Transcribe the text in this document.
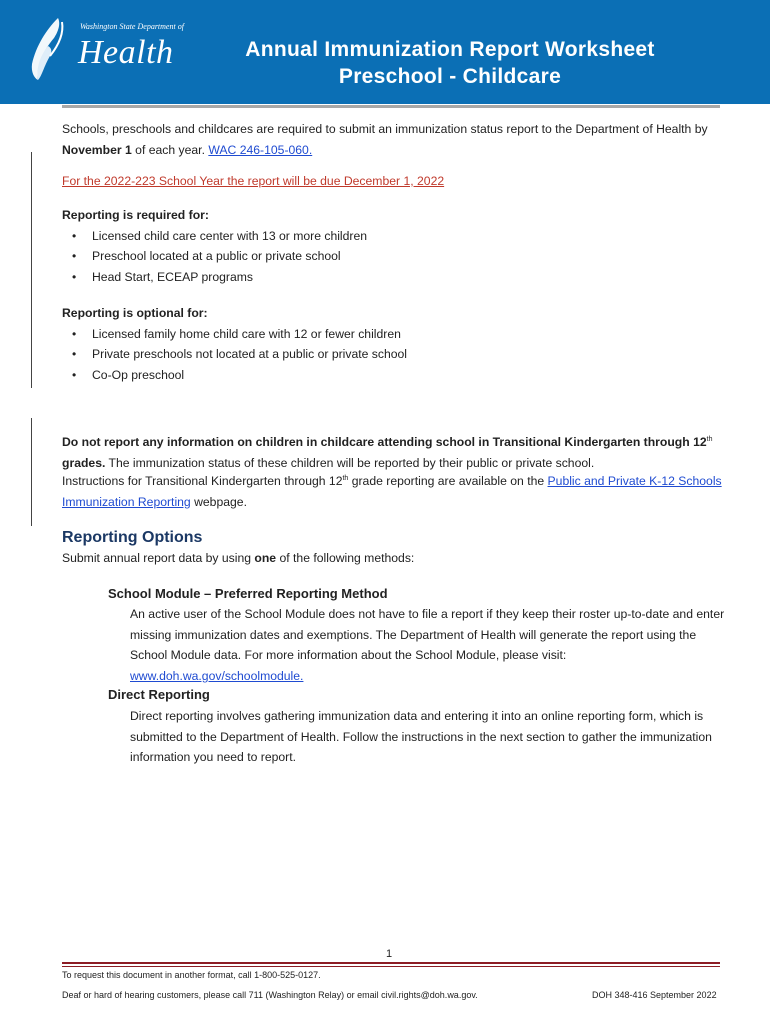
Washington State Department of
Health	Annual Immunization Report Worksheet
Preschool - Childcare
Schools, preschools and childcares are required to submit an immunization status report to the Department of Health by November 1 of each year. WAC 246-105-060.
For the 2022-223 School Year the report will be due December 1, 2022
Reporting is required for:
• Licensed child care center with 13 or more children
• Preschool located at a public or private school
• Head Start, ECEAP programs
Reporting is optional for:
• Licensed family home child care with 12 or fewer children
• Private preschools not located at a public or private school
• Co-Op preschool
Do not report any information on children in childcare attending school in Transitional Kindergarten through 12th grades. The immunization status of these children will be reported by their public or private school.
Instructions for Transitional Kindergarten through 12th grade reporting are available on the Public and Private K-12 Schools Immunization Reporting webpage.
Reporting Options
Submit annual report data by using one of the following methods:
School Module – Preferred Reporting Method
An active user of the School Module does not have to file a report if they keep their roster up-to-date and enter missing immunization dates and exemptions. The Department of Health will generate the report using the School Module data. For more information about the School Module, please visit: www.doh.wa.gov/schoolmodule.
Direct Reporting
Direct reporting involves gathering immunization data and entering it into an online reporting form, which is submitted to the Department of Health. Follow the instructions in the next section to gather the immunization information you need to report.
1
To request this document in another format, call 1-800-525-0127.
Deaf or hard of hearing customers, please call 711 (Washington Relay) or email civil.rights@doh.wa.gov.	DOH 348-416 September 2022
